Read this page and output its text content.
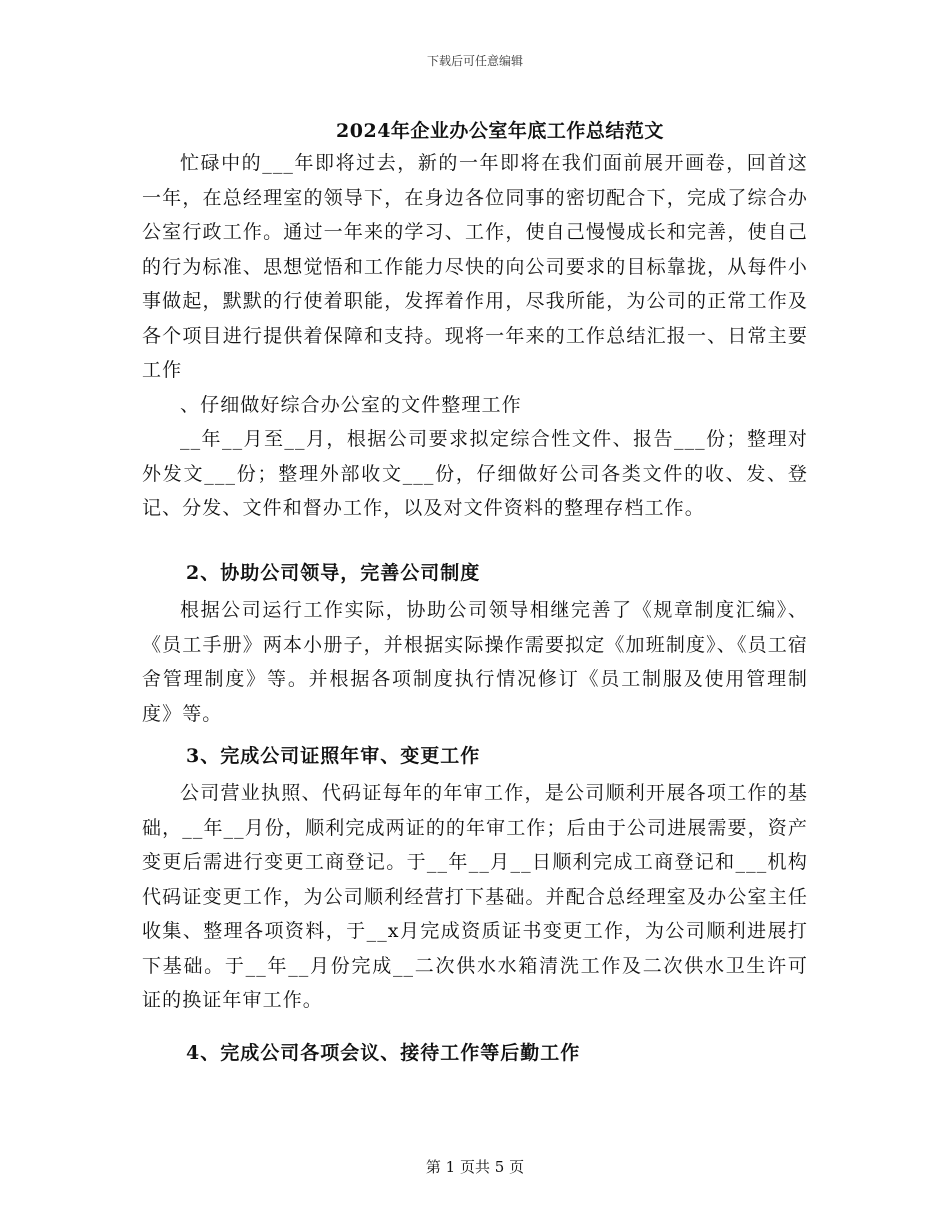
下载后可任意编辑
2024年企业办公室年底工作总结范文

忙碌中的___年即将过去，新的一年即将在我们面前展开画卷，回首这一年，在总经理室的领导下，在身边各位同事的密切配合下，完成了综合办公室行政工作。通过一年来的学习、工作，使自己慢慢成长和完善，使自己的行为标准、思想觉悟和工作能力尽快的向公司要求的目标靠拢，从每件小事做起，默默的行使着职能，发挥着作用，尽我所能，为公司的正常工作及各个项目进行提供着保障和支持。现将一年来的工作总结汇报一、日常主要工作

、仔细做好综合办公室的文件整理工作

__年__月至__月，根据公司要求拟定综合性文件、报告___份；整理对外发文___份；整理外部收文___份，仔细做好公司各类文件的收、发、登记、分发、文件和督办工作，以及对文件资料的整理存档工作。

2、协助公司领导，完善公司制度

根据公司运行工作实际，协助公司领导相继完善了《规章制度汇编》、《员工手册》两本小册子，并根据实际操作需要拟定《加班制度》、《员工宿舍管理制度》等。并根据各项制度执行情况修订《员工制服及使用管理制度》等。

3、完成公司证照年审、变更工作

公司营业执照、代码证每年的年审工作，是公司顺利开展各项工作的基础，__年__月份，顺利完成两证的的年审工作；后由于公司进展需要，资产变更后需进行变更工商登记。于__年__月__日顺利完成工商登记和___机构代码证变更工作，为公司顺利经营打下基础。并配合总经理室及办公室主任收集、整理各项资料，于__x月完成资质证书变更工作，为公司顺利进展打下基础。于__年__月份完成__二次供水水箱清洗工作及二次供水卫生许可证的换证年审工作。

4、完成公司各项会议、接待工作等后勤工作
第 1 页共 5 页
